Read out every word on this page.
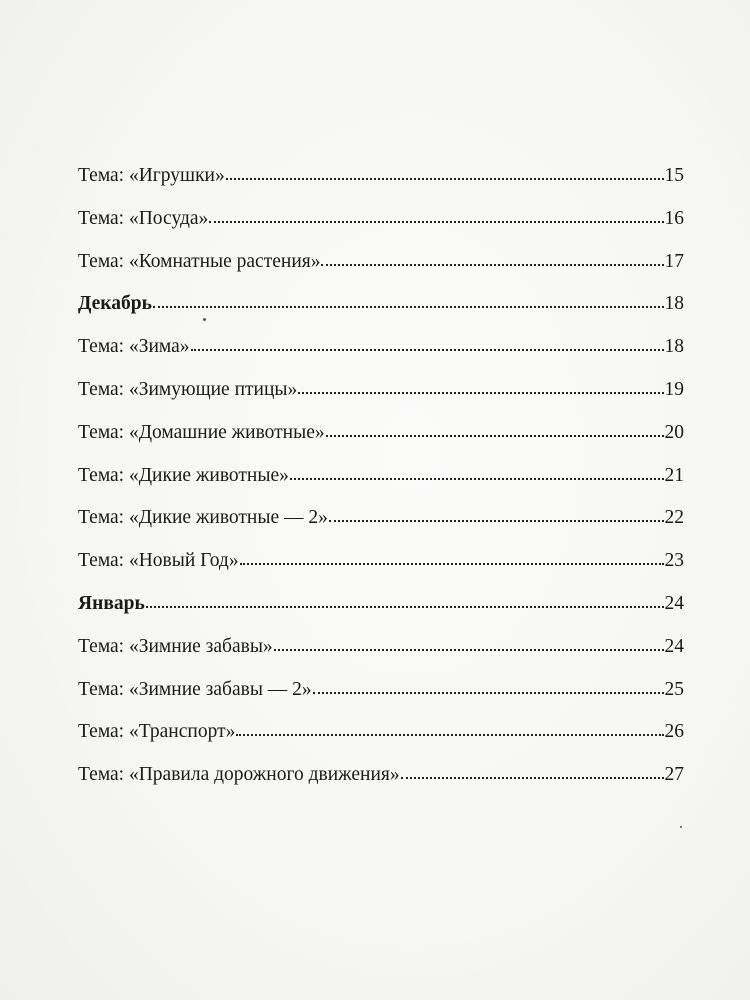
Тема: «Игрушки»	15
Тема: «Посуда»	16
Тема: «Комнатные растения»	17
Декабрь	18
Тема: «Зима»	18
Тема: «Зимующие птицы»	19
Тема: «Домашние животные»	20
Тема: «Дикие животные»	21
Тема: «Дикие животные — 2»	22
Тема: «Новый Год»	23
Январь	24
Тема: «Зимние забавы»	24
Тема: «Зимние забавы — 2»	25
Тема: «Транспорт»	26
Тема: «Правила дорожного движения»	27
